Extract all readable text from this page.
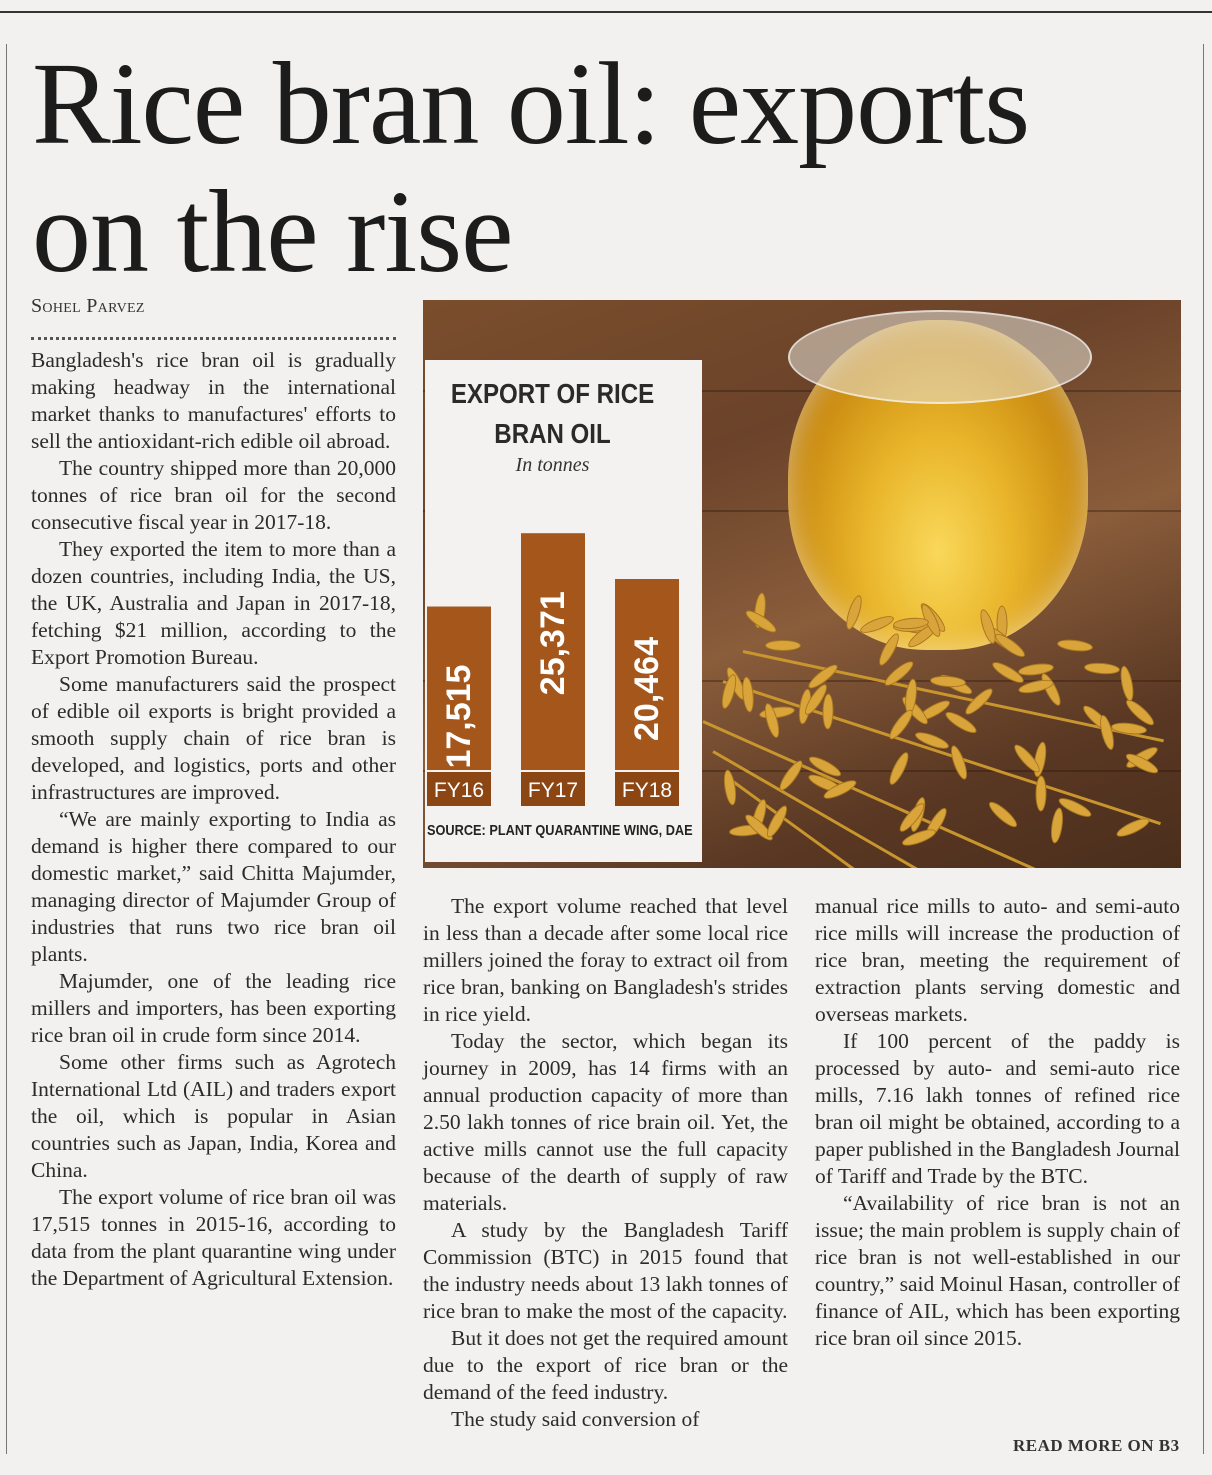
Rice bran oil: exports
on the rise
Sohel Parvez

Bangladesh's rice bran oil is gradually making headway in the international market thanks to manufactures' efforts to sell the antioxidant-rich edible oil abroad.

The country shipped more than 20,000 tonnes of rice bran oil for the second consecutive fiscal year in 2017-18.

They exported the item to more than a dozen countries, including India, the US, the UK, Australia and Japan in 2017-18, fetching $21 million, according to the Export Promotion Bureau.

Some manufacturers said the prospect of edible oil exports is bright provided a smooth supply chain of rice bran is developed, and logistics, ports and other infrastructures are improved.

“We are mainly exporting to India as demand is higher there compared to our domestic market,” said Chitta Majumder, managing director of Majumder Group of industries that runs two rice bran oil plants.

Majumder, one of the leading rice millers and importers, has been exporting rice bran oil in crude form since 2014.

Some other firms such as Agrotech International Ltd (AIL) and traders export the oil, which is popular in Asian countries such as Japan, India, Korea and China.

The export volume of rice bran oil was 17,515 tonnes in 2015-16, according to data from the plant quarantine wing under the Department of Agricultural Extension.

The export volume reached that level in less than a decade after some local rice millers joined the foray to extract oil from rice bran, banking on Bangladesh's strides in rice yield.

Today the sector, which began its journey in 2009, has 14 firms with an annual production capacity of more than 2.50 lakh tonnes of rice brain oil. Yet, the active mills cannot use the full capacity because of the dearth of supply of raw materials.

A study by the Bangladesh Tariff Commission (BTC) in 2015 found that the industry needs about 13 lakh tonnes of rice bran to make the most of the capacity.

But it does not get the required amount due to the export of rice bran or the demand of the feed industry.

The study said conversion of

manual rice mills to auto- and semi-auto rice mills will increase the production of rice bran, meeting the requirement of extraction plants serving domestic and overseas markets.

If 100 percent of the paddy is processed by auto- and semi-auto rice mills, 7.16 lakh tonnes of refined rice bran oil might be obtained, according to a paper published in the Bangladesh Journal of Tariff and Trade by the BTC.

“Availability of rice bran is not an issue; the main problem is supply chain of rice bran is not well-established in our country,” said Moinul Hasan, controller of finance of AIL, which has been exporting rice bran oil since 2015.

READ MORE ON B3
EXPORT OF RICE
BRAN OIL
In tonnes
17,515
FY16
25,371
FY17
20,464
FY18
SOURCE: PLANT QUARANTINE WING, DAE
